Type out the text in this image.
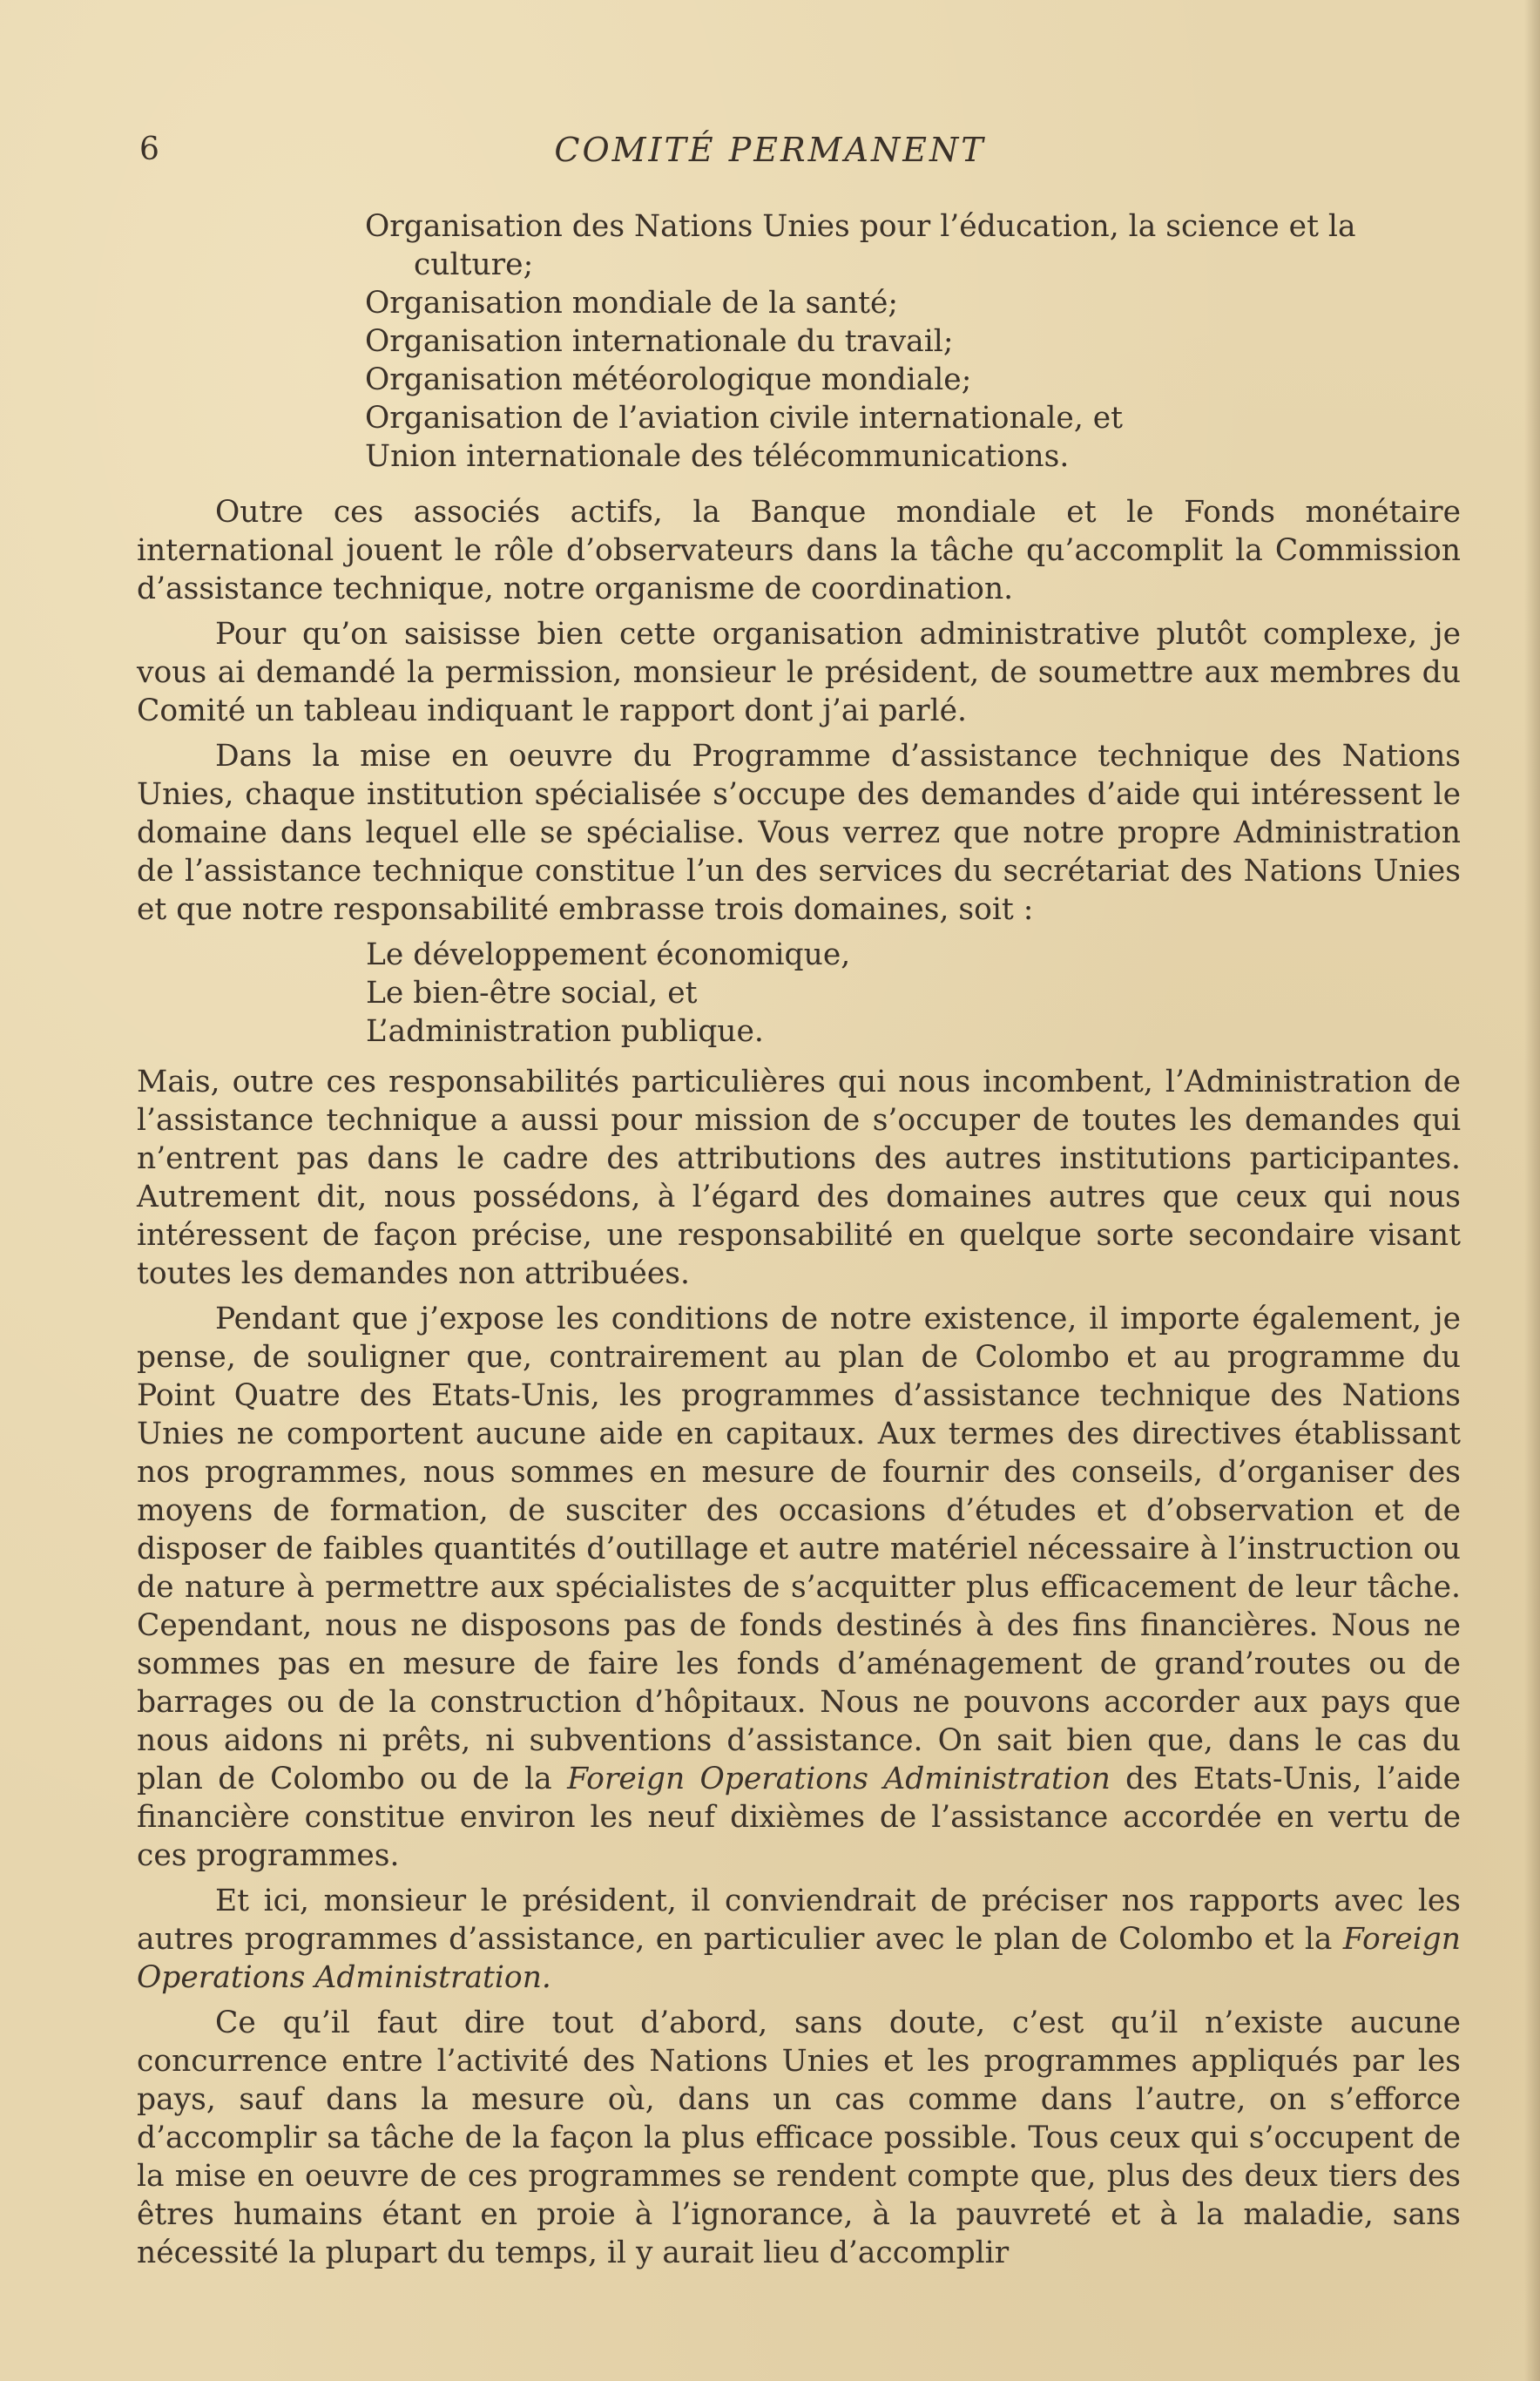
6	COMITÉ PERMANENT
Organisation des Nations Unies pour l’éducation, la science et la culture;
Organisation mondiale de la santé;
Organisation internationale du travail;
Organisation météorologique mondiale;
Organisation de l’aviation civile internationale, et
Union internationale des télécommunications.

Outre ces associés actifs, la Banque mondiale et le Fonds monétaire international jouent le rôle d’observateurs dans la tâche qu’accomplit la Commission d’assistance technique, notre organisme de coordination.

Pour qu’on saisisse bien cette organisation administrative plutôt complexe, je vous ai demandé la permission, monsieur le président, de soumettre aux membres du Comité un tableau indiquant le rapport dont j’ai parlé.

Dans la mise en oeuvre du Programme d’assistance technique des Nations Unies, chaque institution spécialisée s’occupe des demandes d’aide qui intéressent le domaine dans lequel elle se spécialise. Vous verrez que notre propre Administration de l’assistance technique constitue l’un des services du secrétariat des Nations Unies et que notre responsabilité embrasse trois domaines, soit :

Le développement économique,
Le bien-être social, et
L’administration publique.

Mais, outre ces responsabilités particulières qui nous incombent, l’Administration de l’assistance technique a aussi pour mission de s’occuper de toutes les demandes qui n’entrent pas dans le cadre des attributions des autres institutions participantes. Autrement dit, nous possédons, à l’égard des domaines autres que ceux qui nous intéressent de façon précise, une responsabilité en quelque sorte secondaire visant toutes les demandes non attribuées.

Pendant que j’expose les conditions de notre existence, il importe également, je pense, de souligner que, contrairement au plan de Colombo et au programme du Point Quatre des Etats-Unis, les programmes d’assistance technique des Nations Unies ne comportent aucune aide en capitaux. Aux termes des directives établissant nos programmes, nous sommes en mesure de fournir des conseils, d’organiser des moyens de formation, de susciter des occasions d’études et d’observation et de disposer de faibles quantités d’outillage et autre matériel nécessaire à l’instruction ou de nature à permettre aux spécialistes de s’acquitter plus efficacement de leur tâche. Cependant, nous ne disposons pas de fonds destinés à des fins financières. Nous ne sommes pas en mesure de faire les fonds d’aménagement de grand’routes ou de barrages ou de la construction d’hôpitaux. Nous ne pouvons accorder aux pays que nous aidons ni prêts, ni subventions d’assistance. On sait bien que, dans le cas du plan de Colombo ou de la Foreign Operations Administration des Etats-Unis, l’aide financière constitue environ les neuf dixièmes de l’assistance accordée en vertu de ces programmes.

Et ici, monsieur le président, il conviendrait de préciser nos rapports avec les autres programmes d’assistance, en particulier avec le plan de Colombo et la Foreign Operations Administration.

Ce qu’il faut dire tout d’abord, sans doute, c’est qu’il n’existe aucune concurrence entre l’activité des Nations Unies et les programmes appliqués par les pays, sauf dans la mesure où, dans un cas comme dans l’autre, on s’efforce d’accomplir sa tâche de la façon la plus efficace possible. Tous ceux qui s’occupent de la mise en oeuvre de ces programmes se rendent compte que, plus des deux tiers des êtres humains étant en proie à l’ignorance, à la pauvreté et à la maladie, sans nécessité la plupart du temps, il y aurait lieu d’accomplir
